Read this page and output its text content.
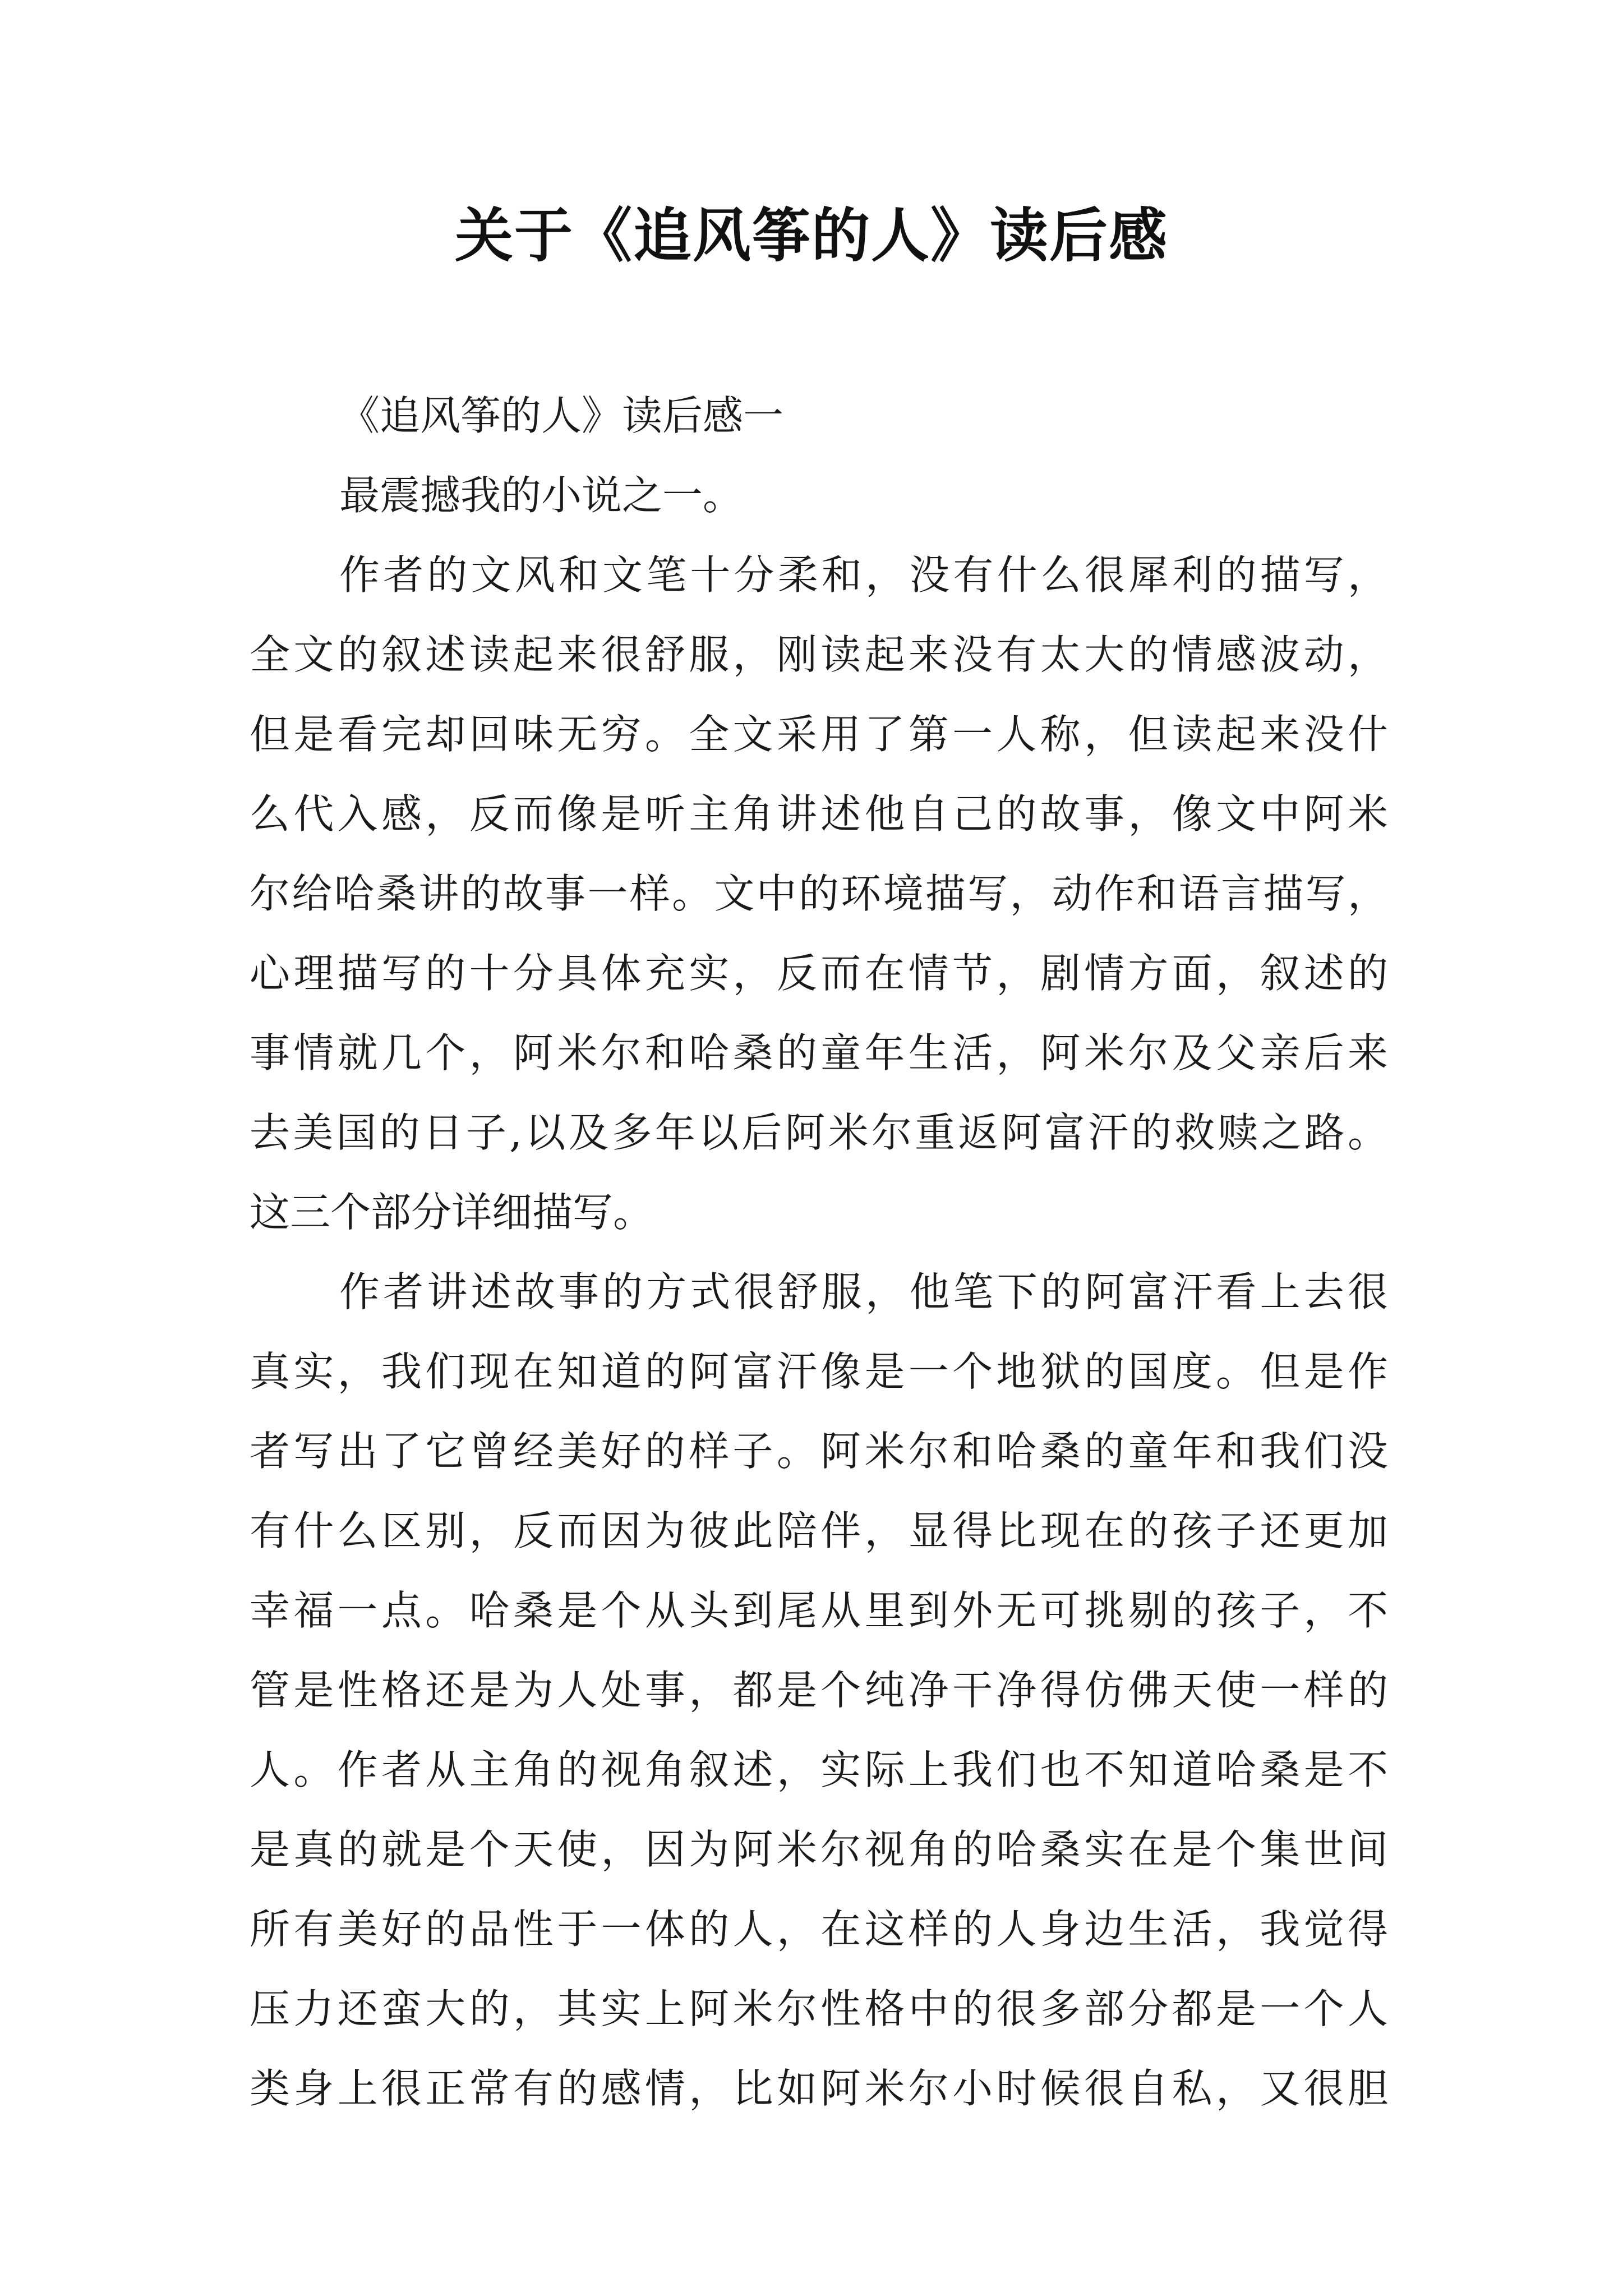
关于《追风筝的人》读后感
《追风筝的人》读后感一
最震撼我的小说之一。
作者的文风和文笔十分柔和，没有什么很犀利的描写，
全文的叙述读起来很舒服，刚读起来没有太大的情感波动，
但是看完却回味无穷。全文采用了第一人称，但读起来没什
么代入感，反而像是听主角讲述他自己的故事，像文中阿米
尔给哈桑讲的故事一样。文中的环境描写，动作和语言描写，
心理描写的十分具体充实，反而在情节，剧情方面，叙述的
事情就几个，阿米尔和哈桑的童年生活，阿米尔及父亲后来
去美国的日子,以及多年以后阿米尔重返阿富汗的救赎之路。
这三个部分详细描写。
作者讲述故事的方式很舒服，他笔下的阿富汗看上去很
真实，我们现在知道的阿富汗像是一个地狱的国度。但是作
者写出了它曾经美好的样子。阿米尔和哈桑的童年和我们没
有什么区别，反而因为彼此陪伴，显得比现在的孩子还更加
幸福一点。哈桑是个从头到尾从里到外无可挑剔的孩子，不
管是性格还是为人处事，都是个纯净干净得仿佛天使一样的
人。作者从主角的视角叙述，实际上我们也不知道哈桑是不
是真的就是个天使，因为阿米尔视角的哈桑实在是个集世间
所有美好的品性于一体的人，在这样的人身边生活，我觉得
压力还蛮大的，其实上阿米尔性格中的很多部分都是一个人
类身上很正常有的感情，比如阿米尔小时候很自私，又很胆
